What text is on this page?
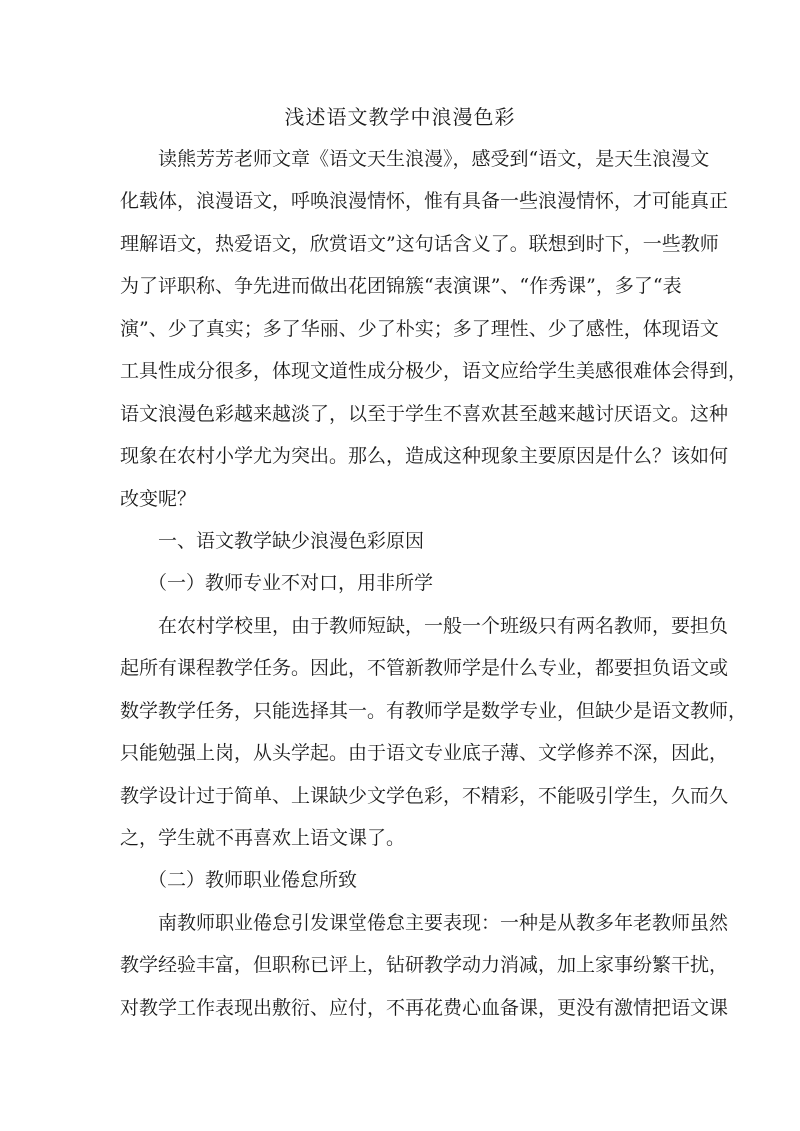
浅述语文教学中浪漫色彩
读熊芳芳老师文章《语文天生浪漫》，感受到“语文，是天生浪漫文
化载体，浪漫语文，呼唤浪漫情怀，惟有具备一些浪漫情怀，才可能真正
理解语文，热爱语文，欣赏语文”这句话含义了。联想到时下，一些教师
为了评职称、争先进而做出花团锦簇“表演课”、“作秀课”，多了“表
演”、少了真实；多了华丽、少了朴实；多了理性、少了感性，体现语文
工具性成分很多，体现文道性成分极少，语文应给学生美感很难体会得到，
语文浪漫色彩越来越淡了，以至于学生不喜欢甚至越来越讨厌语文。这种
现象在农村小学尤为突出。那么，造成这种现象主要原因是什么？该如何
改变呢？
一、语文教学缺少浪漫色彩原因
（一）教师专业不对口，用非所学
在农村学校里，由于教师短缺，一般一个班级只有两名教师，要担负
起所有课程教学任务。因此，不管新教师学是什么专业，都要担负语文或
数学教学任务，只能选择其一。有教师学是数学专业，但缺少是语文教师，
只能勉强上岗，从头学起。由于语文专业底子薄、文学修养不深，因此，
教学设计过于简单、上课缺少文学色彩，不精彩，不能吸引学生，久而久
之，学生就不再喜欢上语文课了。
（二）教师职业倦怠所致
南教师职业倦怠引发课堂倦怠主要表现：一种是从教多年老教师虽然
教学经验丰富，但职称已评上，钻研教学动力消减，加上家事纷繁干扰，
对教学工作表现出敷衍、应付，不再花费心血备课，更没有激情把语文课
